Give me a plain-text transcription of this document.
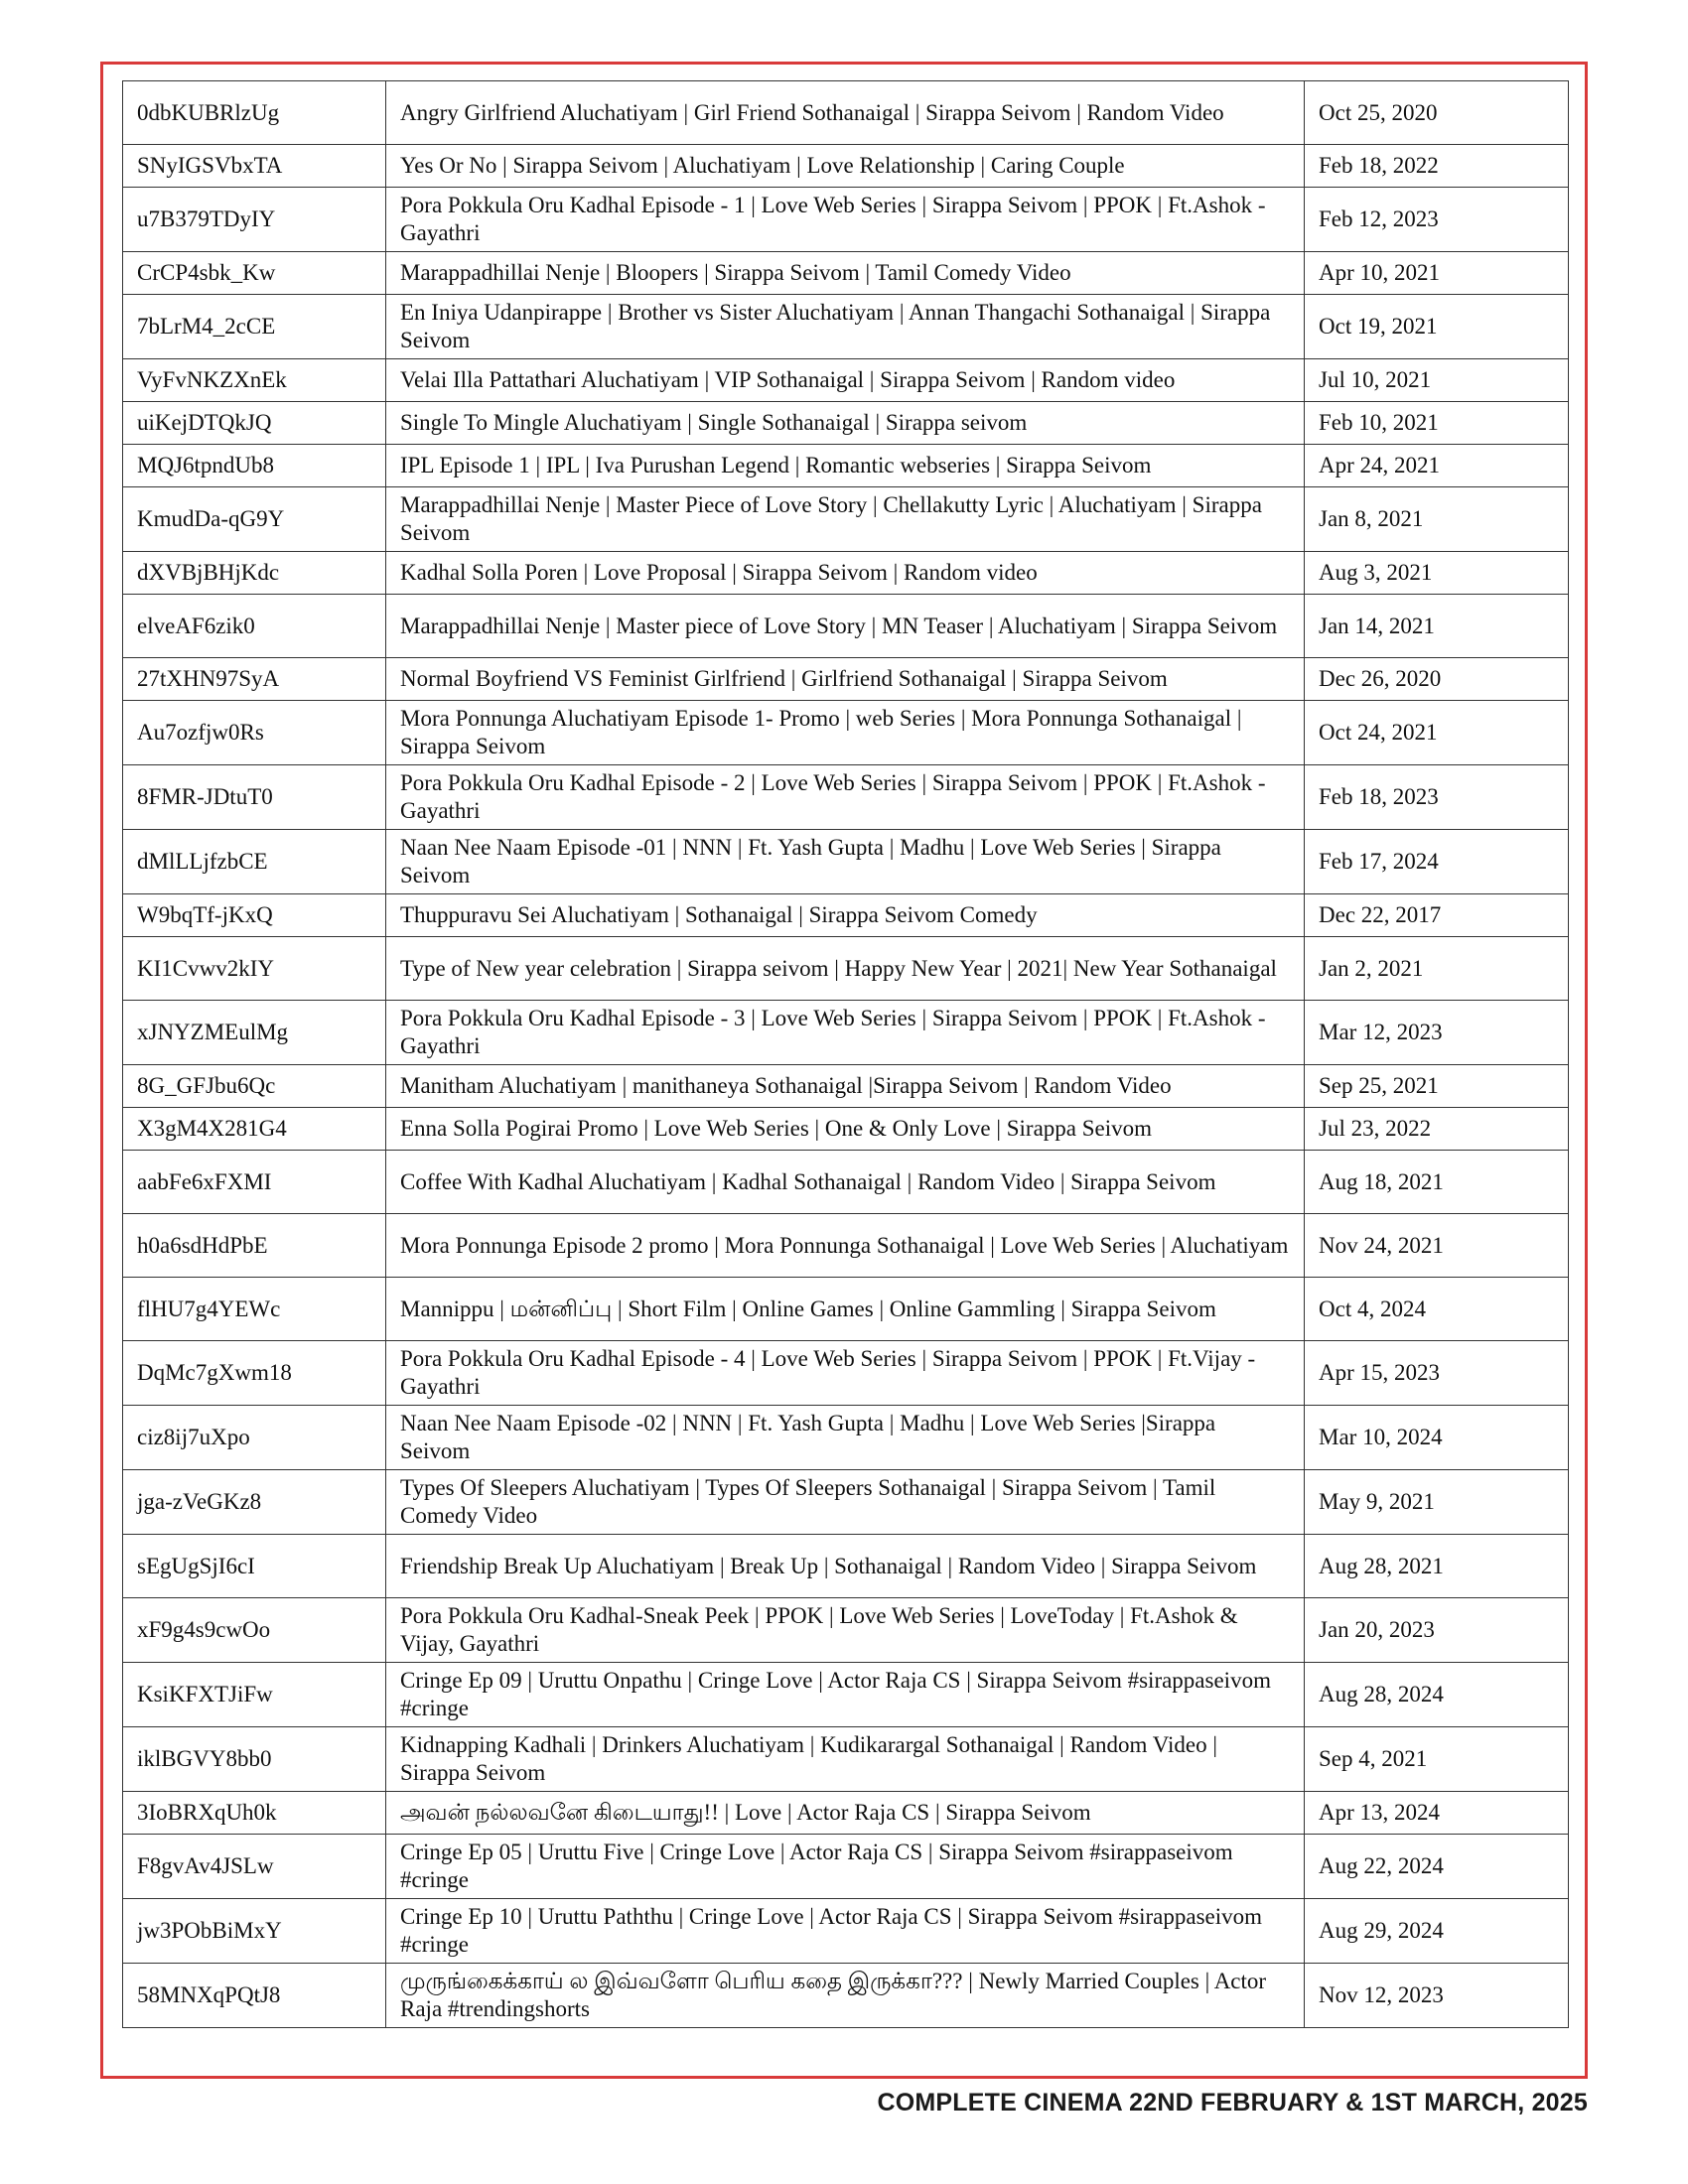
0dbKUBRlzUg	Angry Girlfriend Aluchatiyam | Girl Friend Sothanaigal | Sirappa Seivom | Random Video	Oct 25, 2020
SNyIGSVbxTA	Yes Or No | Sirappa Seivom | Aluchatiyam | Love Relationship | Caring Couple	Feb 18, 2022
u7B379TDyIY	Pora Pokkula Oru Kadhal Episode - 1 | Love Web Series | Sirappa Seivom | PPOK | Ft.Ashok - Gayathri	Feb 12, 2023
CrCP4sbk_Kw	Marappadhillai Nenje | Bloopers | Sirappa Seivom | Tamil Comedy Video	Apr 10, 2021
7bLrM4_2cCE	En Iniya Udanpirappe | Brother vs Sister Aluchatiyam | Annan Thangachi Sothanaigal | Sirappa Seivom	Oct 19, 2021
VyFvNKZXnEk	Velai Illa Pattathari Aluchatiyam | VIP Sothanaigal | Sirappa Seivom | Random video	Jul 10, 2021
uiKejDTQkJQ	Single To Mingle Aluchatiyam | Single Sothanaigal | Sirappa seivom	Feb 10, 2021
MQJ6tpndUb8	IPL Episode 1 | IPL | Iva Purushan Legend | Romantic webseries | Sirappa Seivom	Apr 24, 2021
KmudDa-qG9Y	Marappadhillai Nenje | Master Piece of Love Story | Chellakutty Lyric | Aluchatiyam | Sirappa Seivom	Jan 8, 2021
dXVBjBHjKdc	Kadhal Solla Poren | Love Proposal | Sirappa Seivom | Random video	Aug 3, 2021
elveAF6zik0	Marappadhillai Nenje | Master piece of Love Story | MN Teaser | Aluchatiyam | Sirappa Seivom	Jan 14, 2021
27tXHN97SyA	Normal Boyfriend VS Feminist Girlfriend | Girlfriend Sothanaigal | Sirappa Seivom	Dec 26, 2020
Au7ozfjw0Rs	Mora Ponnunga Aluchatiyam Episode 1- Promo | web Series | Mora Ponnunga Sothanaigal | Sirappa Seivom	Oct 24, 2021
8FMR-JDtuT0	Pora Pokkula Oru Kadhal Episode - 2 | Love Web Series | Sirappa Seivom | PPOK | Ft.Ashok - Gayathri	Feb 18, 2023
dMlLLjfzbCE	Naan Nee Naam Episode -01 | NNN | Ft. Yash Gupta | Madhu | Love Web Series | Sirappa Seivom	Feb 17, 2024
W9bqTf-jKxQ	Thuppuravu Sei Aluchatiyam | Sothanaigal | Sirappa Seivom Comedy	Dec 22, 2017
KI1Cvwv2kIY	Type of New year celebration | Sirappa seivom | Happy New Year | 2021| New Year Sothanaigal	Jan 2, 2021
xJNYZMEulMg	Pora Pokkula Oru Kadhal Episode - 3 | Love Web Series | Sirappa Seivom | PPOK | Ft.Ashok - Gayathri	Mar 12, 2023
8G_GFJbu6Qc	Manitham Aluchatiyam | manithaneya Sothanaigal |Sirappa Seivom | Random Video	Sep 25, 2021
X3gM4X281G4	Enna Solla Pogirai Promo | Love Web Series | One & Only Love | Sirappa Seivom	Jul 23, 2022
aabFe6xFXMI	Coffee With Kadhal Aluchatiyam | Kadhal Sothanaigal | Random Video | Sirappa Seivom	Aug 18, 2021
h0a6sdHdPbE	Mora Ponnunga Episode 2 promo | Mora Ponnunga Sothanaigal | Love Web Series | Aluchatiyam	Nov 24, 2021
flHU7g4YEWc	Mannippu | மன்னிப்பு | Short Film | Online Games | Online Gammling | Sirappa Seivom	Oct 4, 2024
DqMc7gXwm18	Pora Pokkula Oru Kadhal Episode - 4 | Love Web Series | Sirappa Seivom | PPOK | Ft.Vijay - Gayathri	Apr 15, 2023
ciz8ij7uXpo	Naan Nee Naam Episode -02 | NNN | Ft. Yash Gupta | Madhu | Love Web Series |Sirappa Seivom	Mar 10, 2024
jga-zVeGKz8	Types Of Sleepers Aluchatiyam | Types Of Sleepers Sothanaigal | Sirappa Seivom | Tamil Comedy Video	May 9, 2021
sEgUgSjI6cI	Friendship Break Up Aluchatiyam | Break Up | Sothanaigal | Random Video | Sirappa Seivom	Aug 28, 2021
xF9g4s9cwOo	Pora Pokkula Oru Kadhal-Sneak Peek | PPOK | Love Web Series | LoveToday | Ft.Ashok & Vijay, Gayathri	Jan 20, 2023
KsiKFXTJiFw	Cringe Ep 09 | Uruttu Onpathu | Cringe Love | Actor Raja CS | Sirappa Seivom #sirappaseivom #cringe	Aug 28, 2024
iklBGVY8bb0	Kidnapping Kadhali | Drinkers Aluchatiyam | Kudikarargal Sothanaigal | Random Video | Sirappa Seivom	Sep 4, 2021
3IoBRXqUh0k	அவன் நல்லவனே கிடையாது!! | Love | Actor Raja CS | Sirappa Seivom	Apr 13, 2024
F8gvAv4JSLw	Cringe Ep 05 | Uruttu Five | Cringe Love | Actor Raja CS | Sirappa Seivom #sirappaseivom #cringe	Aug 22, 2024
jw3PObBiMxY	Cringe Ep 10 | Uruttu Paththu | Cringe Love | Actor Raja CS | Sirappa Seivom #sirappaseivom #cringe	Aug 29, 2024
58MNXqPQtJ8	முருங்கைக்காய் ல இவ்வளோ பெரிய கதை இருக்கா??? | Newly Married Couples | Actor Raja #trendingshorts	Nov 12, 2023
COMPLETE CINEMA 22ND FEBRUARY & 1ST MARCH, 2025
